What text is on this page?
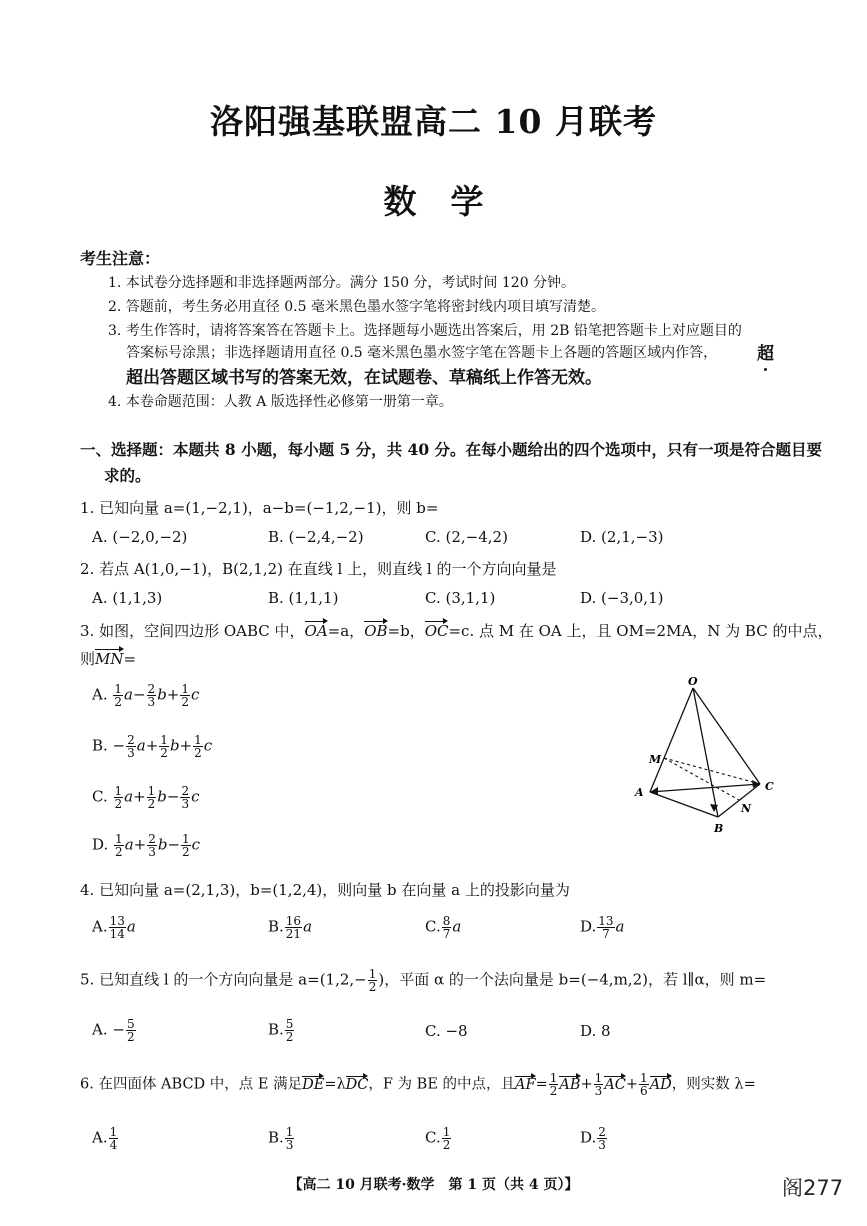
洛阳强基联盟高二 10 月联考
数学
考生注意：
1. 本试卷分选择题和非选择题两部分。满分 150 分，考试时间 120 分钟。
2. 答题前，考生务必用直径 0.5 毫米黑色墨水签字笔将密封线内项目填写清楚。
3. 考生作答时，请将答案答在答题卡上。选择题每小题选出答案后，用 2B 铅笔把答题卡上对应题目的
答案标号涂黑；非选择题请用直径 0.5 毫米黑色墨水签字笔在答题卡上各题的答题区域内作答， 超
超出答题区域书写的答案无效，在试题卷、草稿纸上作答无效。
4. 本卷命题范围：人教 A 版选择性必修第一册第一章。
一、选择题：本题共 8 小题，每小题 5 分，共 40 分。在每小题给出的四个选项中，只有一项是符合题目要
求的。
1. 已知向量 a=(1,−2,1)，a−b=(−1,2,−1)，则 b=
A. (−2,0,−2)	B. (−2,4,−2)	C. (2,−4,2)	D. (2,1,−3)
2. 若点 A(1,0,−1)，B(2,1,2) 在直线 l 上，则直线 l 的一个方向向量是
A. (1,1,3)	B. (1,1,1)	C. (3,1,1)	D. (−3,0,1)
3. 如图，空间四边形 OABC 中，OA=a，OB=b，OC=c. 点 M 在 OA 上，且 OM=2MA，N 为 BC 的中点，
则MN=
A. $\frac{1}{2} a- \frac{2}{3} b+ \frac{1}{2}$ c
B. − $\frac{2}{3} a+ \frac{1}{2} b+ \frac{1}{2}$ c
C. $\frac{1}{2} a+ \frac{1}{2} b- \frac{2}{3}$ c
D. $\frac{1}{2} a+ \frac{2}{3} b- \frac{1}{2}$ c
O
A
B
C
M
N
4. 已知向量 a=(2,1,3)，b=(1,2,4)，则向量 b 在向量 a 上的投影向量为
A. $\frac{13}{14}$ a	B. $\frac{16}{21}$ a	C. $\frac{8}{7}$ a	D. $\frac{13}{7}$ a
5. 已知直线 l 的一个方向向量是 $a=(1,2,- \frac{1}{2}$ )，平面 α 的一个法向量是 b=(−4,m,2)，若 l∥α，则 m=
A. − $\frac{5}{2}$	B. $\frac{5}{2}$	C. −8	D. 8
6. 在四面体 ABCD 中，点 E 满足DE=λDC，F 为 BE 的中点，且$AF= \frac{1}{2} AB+ \frac{1}{3} AC+ \frac{1}{6}$ AD，则实数 λ=
A. $\frac{1}{4}$	B. $\frac{1}{3}$	C. $\frac{1}{2}$	D. $\frac{2}{3}$
【高二 10 月联考·数学　第 1 页（共 4 页）】	阁277
